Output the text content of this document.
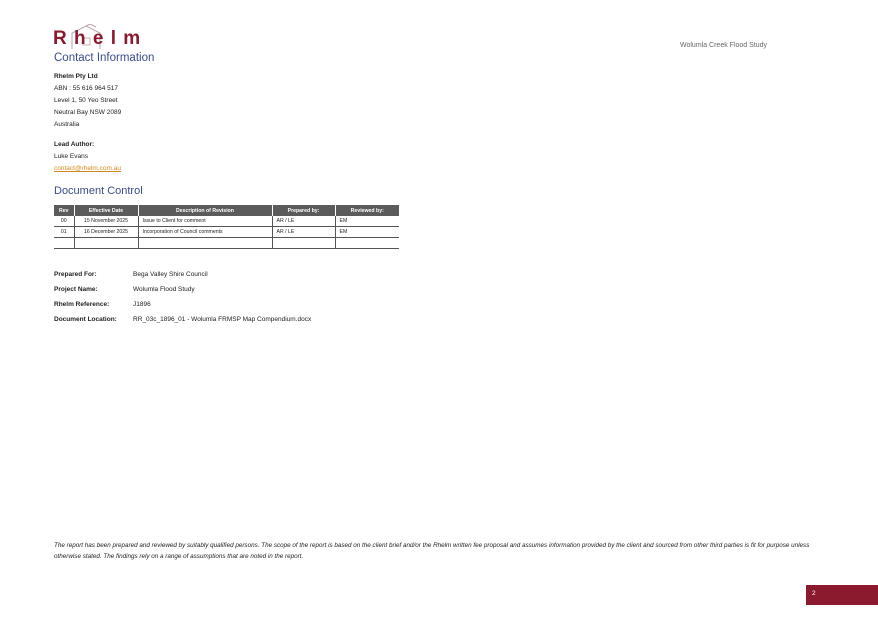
R h e l m
Contact Information
Wolumla Creek Flood Study
Rhelm Pty Ltd
ABN : 55 616 964 517
Level 1, 50 Yeo Street
Neutral Bay NSW 2089
Australia
Lead Author:
Luke Evans
contact@rhelm.com.au
Document Control
Rev	Effective Date	Description of Revision	Prepared by:	Reviewed by:
00	15 November 2025	Issue to Client for comment	AR / LE	EM
01	16 December 2025	Incorporation of Council comments	AR / LE	EM

Prepared For:	Bega Valley Shire Council
Project Name:	Wolumla Flood Study
Rhelm Reference:	J1896
Document Location:	RR_03c_1896_01 - Wolumla FRMSP Map Compendium.docx
The report has been prepared and reviewed by suitably qualified persons. The scope of the report is based on the client brief and/or the Rhelm written fee proposal and assumes information provided by the client and sourced from other third parties is fit for purpose unless otherwise stated. The findings rely on a range of assumptions that are noted in the report.
2
